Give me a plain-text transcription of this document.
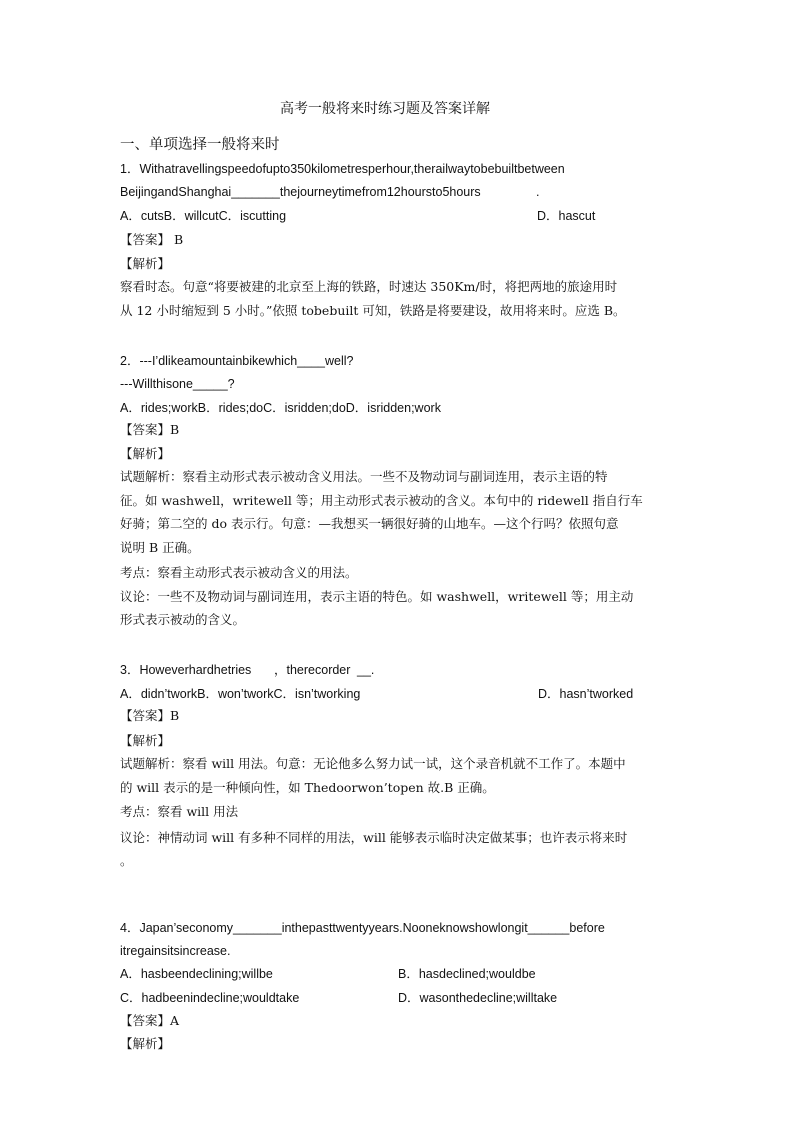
高考一般将来时练习题及答案详解
一、单项选择一般将来时
1．Withatravellingspeedofupto350kilometresperhour,therailwaytobebuiltbetween
BeijingandShanghai_______thejourneytimefrom12hoursto5hours	.
A．cutsB．willcutC．iscutting	D．hascut
【答案】 B
【解析】
察看时态。句意“将要被建的北京至上海的铁路，时速达 350Km/时，将把两地的旅途用时
从 12 小时缩短到 5 小时。”依照 tobebuilt 可知，铁路是将要建设，故用将来时。应选 B。
2．---I’dlikeamountainbikewhich____well?
---Willthisone_____?
A．rides;workB．rides;doC．isridden;doD．isridden;work
【答案】B
【解析】
试题解析：察看主动形式表示被动含义用法。一些不及物动词与副词连用，表示主语的特
征。如 washwell，writewell 等；用主动形式表示被动的含义。本句中的 ridewell 指自行车
好骑；第二空的 do 表示行。句意：—我想买一辆很好骑的山地车。—这个行吗？依照句意
说明 B 正确。
考点：察看主动形式表示被动含义的用法。
议论：一些不及物动词与副词连用，表示主语的特色。如 washwell，writewell 等；用主动
形式表示被动的含义。
3．Howeverhardhetries ，therecorder __.
A．didn’tworkB．won’tworkC．isn’tworking	D．hasn’tworked
【答案】B
【解析】
试题解析：察看 will 用法。句意：无论他多么努力试一试，这个录音机就不工作了。本题中
的 will 表示的是一种倾向性，如 Thedoorwon’topen 故.B 正确。
考点：察看 will 用法
议论：神情动词 will 有多种不同样的用法，will 能够表示临时决定做某事；也许表示将来时
。
4．Japan’seconomy_______inthepasttwentyyears.Nooneknowshowlongit______before
itregainsitsincrease.
A．hasbeendeclining;willbe	B．hasdeclined;wouldbe
C．hadbeenindecline;wouldtake	D．wasonthedecline;willtake
【答案】A
【解析】
